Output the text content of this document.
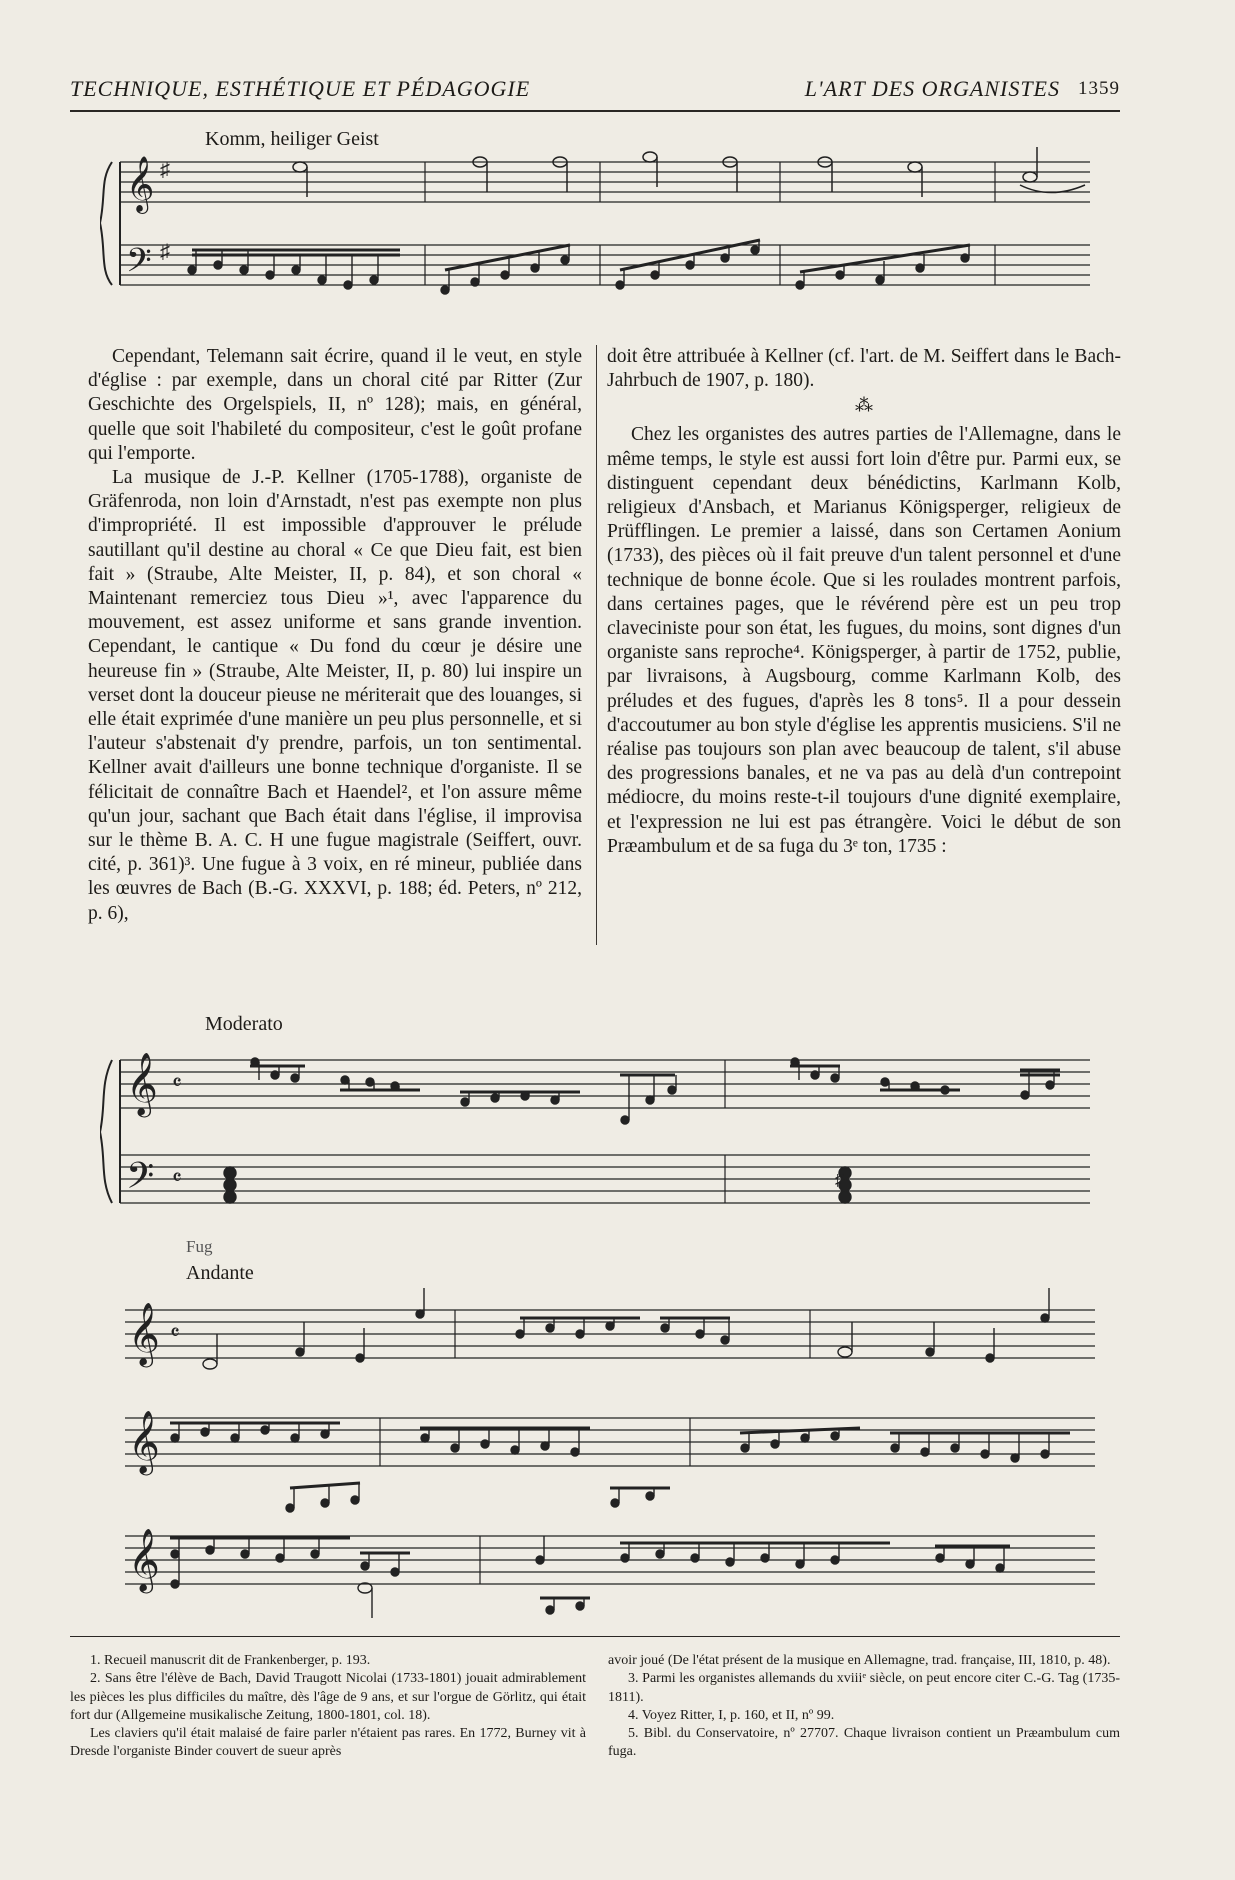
TECHNIQUE, ESTHÉTIQUE ET PÉDAGOGIE	L'ART DES ORGANISTES 1359
Komm, heiliger Geist
𝄞
𝄢
♯
♯

Cependant, Telemann sait écrire, quand il le veut, en style d'église : par exemple, dans un choral cité par Ritter (Zur Geschichte des Orgelspiels, II, nº 128); mais, en général, quelle que soit l'habileté du compositeur, c'est le goût profane qui l'emporte.

La musique de J.-P. Kellner (1705-1788), organiste de Gräfenroda, non loin d'Arnstadt, n'est pas exempte non plus d'impropriété. Il est impossible d'approuver le prélude sautillant qu'il destine au choral « Ce que Dieu fait, est bien fait » (Straube, Alte Meister, II, p. 84), et son choral « Maintenant remerciez tous Dieu »¹, avec l'apparence du mouvement, est assez uniforme et sans grande invention. Cependant, le cantique « Du fond du cœur je désire une heureuse fin » (Straube, Alte Meister, II, p. 80) lui inspire un verset dont la douceur pieuse ne mériterait que des louanges, si elle était exprimée d'une manière un peu plus personnelle, et si l'auteur s'abstenait d'y prendre, parfois, un ton sentimental. Kellner avait d'ailleurs une bonne technique d'organiste. Il se félicitait de connaître Bach et Haendel², et l'on assure même qu'un jour, sachant que Bach était dans l'église, il improvisa sur le thème B. A. C. H une fugue magistrale (Seiffert, ouvr. cité, p. 361)³. Une fugue à 3 voix, en ré mineur, publiée dans les œuvres de Bach (B.-G. XXXVI, p. 188; éd. Peters, nº 212, p. 6),

doit être attribuée à Kellner (cf. l'art. de M. Seiffert dans le Bach-Jahrbuch de 1907, p. 180).

⁂

Chez les organistes des autres parties de l'Allemagne, dans le même temps, le style est aussi fort loin d'être pur. Parmi eux, se distinguent cependant deux bénédictins, Karlmann Kolb, religieux d'Ansbach, et Marianus Königsperger, religieux de Prüfflingen. Le premier a laissé, dans son Certamen Aonium (1733), des pièces où il fait preuve d'un talent personnel et d'une technique de bonne école. Que si les roulades montrent parfois, dans certaines pages, que le révérend père est un peu trop claveciniste pour son état, les fugues, du moins, sont dignes d'un organiste sans reproche⁴. Königsperger, à partir de 1752, publie, par livraisons, à Augsbourg, comme Karlmann Kolb, des préludes et des fugues, d'après les 8 tons⁵. Il a pour dessein d'accoutumer au bon style d'église les apprentis musiciens. S'il ne réalise pas toujours son plan avec beaucoup de talent, s'il abuse des progressions banales, et ne va pas au delà d'un contrepoint médiocre, du moins reste-t-il toujours d'une dignité exemplaire, et l'expression ne lui est pas étrangère. Voici le début de son Præambulum et de sa fuga du 3ᵉ ton, 1735 :

Moderato
𝄞
𝄢
𝄴
𝄴	♯
Fug
Andante
𝄞
𝄞
𝄞
𝄴

1. Recueil manuscrit dit de Frankenberger, p. 193.

2. Sans être l'élève de Bach, David Traugott Nicolai (1733-1801) jouait admirablement les pièces les plus difficiles du maître, dès l'âge de 9 ans, et sur l'orgue de Görlitz, qui était fort dur (Allgemeine musikalische Zeitung, 1800-1801, col. 18).

Les claviers qu'il était malaisé de faire parler n'étaient pas rares. En 1772, Burney vit à Dresde l'organiste Binder couvert de sueur après

avoir joué (De l'état présent de la musique en Allemagne, trad. française, III, 1810, p. 48).

3. Parmi les organistes allemands du xviiiᵉ siècle, on peut encore citer C.-G. Tag (1735-1811).

4. Voyez Ritter, I, p. 160, et II, nº 99.

5. Bibl. du Conservatoire, nº 27707. Chaque livraison contient un Præambulum cum fuga.
